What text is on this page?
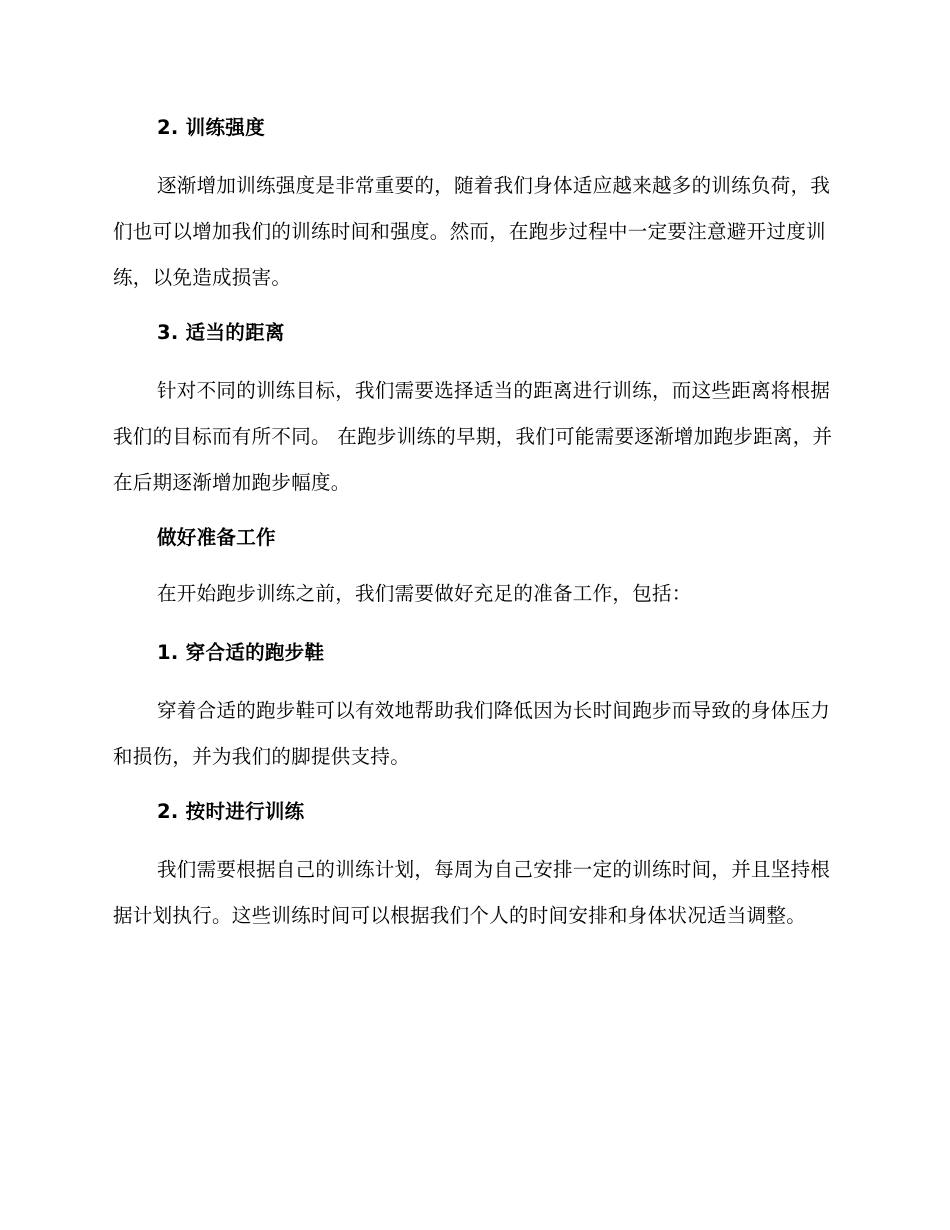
2. 训练强度

逐渐增加训练强度是非常重要的，随着我们身体适应越来越多的训练负荷，我们也可以增加我们的训练时间和强度。然而，在跑步过程中一定要注意避开过度训练，以免造成损害。

3. 适当的距离

针对不同的训练目标，我们需要选择适当的距离进行训练，而这些距离将根据我们的目标而有所不同。 在跑步训练的早期，我们可能需要逐渐增加跑步距离，并在后期逐渐增加跑步幅度。

做好准备工作

在开始跑步训练之前，我们需要做好充足的准备工作，包括：

1. 穿合适的跑步鞋

穿着合适的跑步鞋可以有效地帮助我们降低因为长时间跑步而导致的身体压力和损伤，并为我们的脚提供支持。

2. 按时进行训练

我们需要根据自己的训练计划，每周为自己安排一定的训练时间，并且坚持根据计划执行。这些训练时间可以根据我们个人的时间安排和身体状况适当调整。
